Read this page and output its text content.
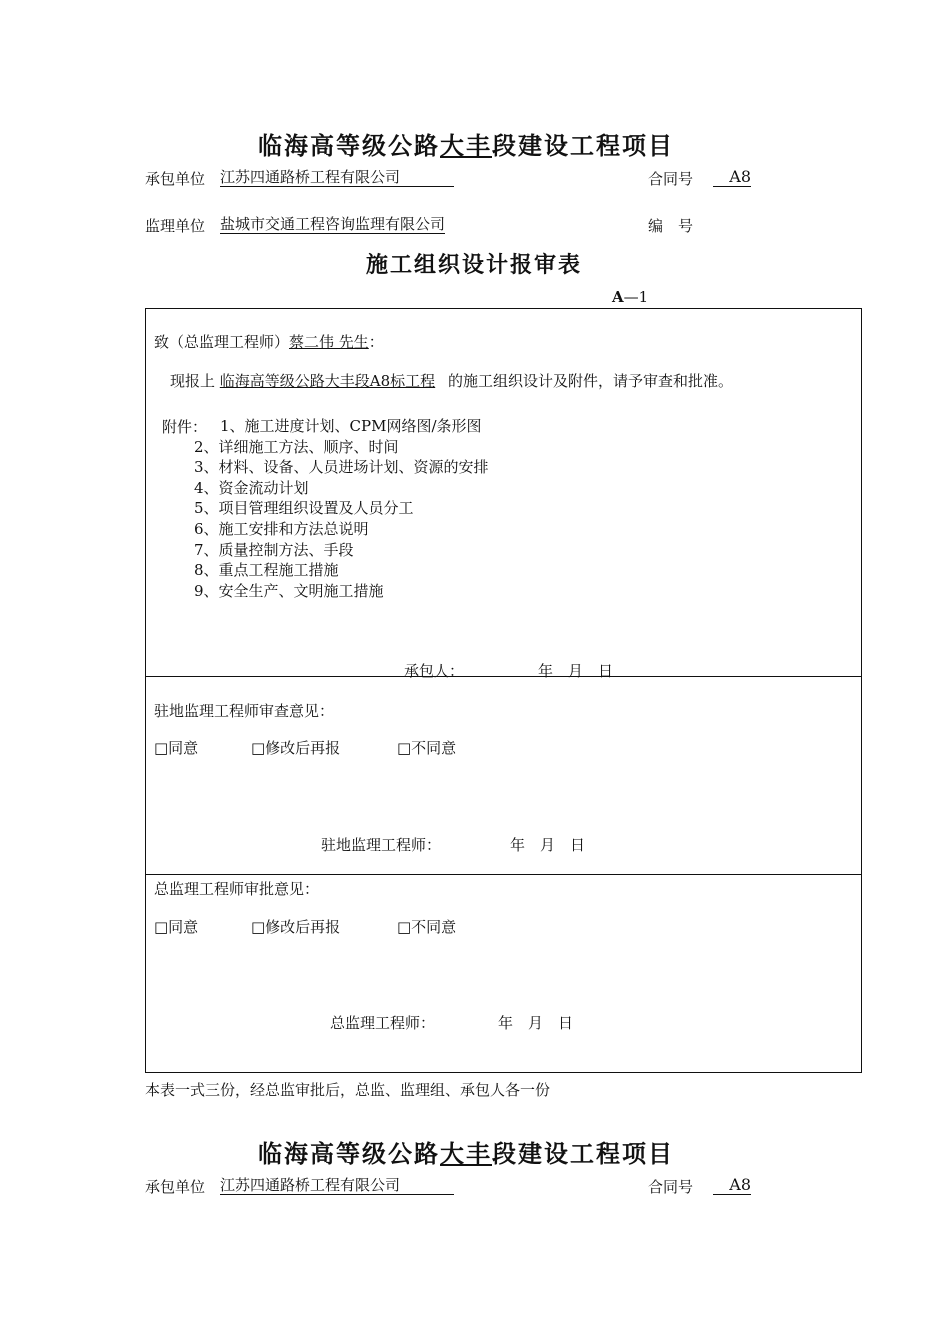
临海高等级公路大丰段建设工程项目
承包单位 江苏四通路桥工程有限公司	合同号	A8
监理单位 盐城市交通工程咨询监理有限公司	编　号
施工组织设计报审表
A—1
致（总监理工程师）蔡二伟 先生：
现报上 临海高等级公路大丰段A8标工程 的施工组织设计及附件，请予审查和批准。
附件： 1、施工进度计划、CPM网络图/条形图
2、详细施工方法、顺序、时间
3、材料、设备、人员进场计划、资源的安排
4、资金流动计划
5、项目管理组织设置及人员分工
6、施工安排和方法总说明
7、质量控制方法、手段
8、重点工程施工措施
9、安全生产、文明施工措施
承包人：	年　月　日
驻地监理工程师审查意见：
□同意	□修改后再报	□不同意
驻地监理工程师：	年　月　日
总监理工程师审批意见：
□同意	□修改后再报	□不同意
总监理工程师：	年　月　日
本表一式三份，经总监审批后，总监、监理组、承包人各一份
临海高等级公路大丰段建设工程项目
承包单位 江苏四通路桥工程有限公司	合同号	A8
